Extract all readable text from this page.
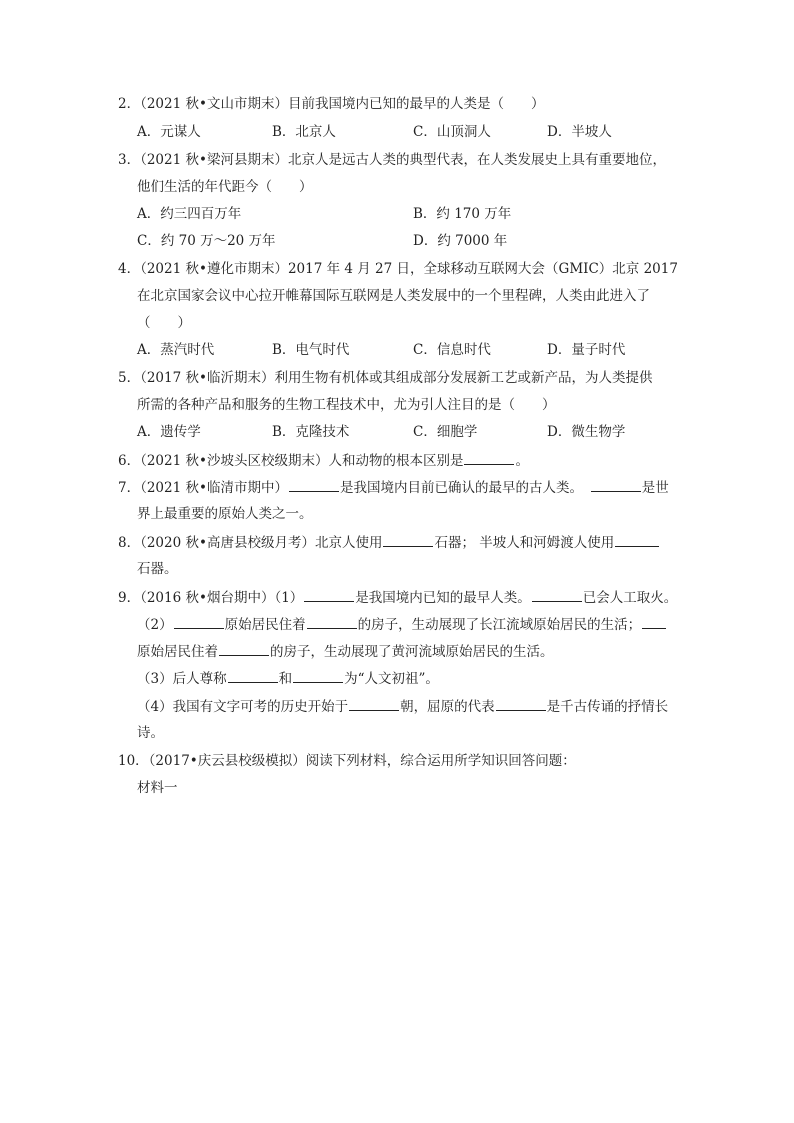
2．（2021 秋•文山市期末）目前我国境内已知的最早的人类是（　　）
A．元谋人	B．北京人	C．山顶洞人	D．半坡人
3．（2021 秋•梁河县期末）北京人是远古人类的典型代表，在人类发展史上具有重要地位，
他们生活的年代距今（　　）
A．约三四百万年	B．约 170 万年
C．约 70 万～20 万年	D．约 7000 年
4．（2021 秋•遵化市期末）2017 年 4 月 27 日，全球移动互联网大会（GMIC）北京 2017
在北京国家会议中心拉开帷幕国际互联网是人类发展中的一个里程碑，人类由此进入了
（　　）
A．蒸汽时代	B．电气时代	C．信息时代	D．量子时代
5．（2017 秋•临沂期末）利用生物有机体或其组成部分发展新工艺或新产品，为人类提供
所需的各种产品和服务的生物工程技术中，尤为引人注目的是（　　）
A．遗传学	B．克隆技术	C．细胞学	D．微生物学
6．（2021 秋•沙坡头区校级期末）人和动物的根本区别是	。
7．（2021 秋•临清市期中）	是我国境内目前已确认的最早的古人类。　	是世
界上最重要的原始人类之一。
8．（2020 秋•高唐县校级月考）北京人使用	石器； 半坡人和河姆渡人使用
石器。
9．（2016 秋•烟台期中）（1）	是我国境内已知的最早人类。	已会人工取火。
（2）	原始居民住着	的房子，生动展现了长江流域原始居民的生活；
原始居民住着	的房子，生动展现了黄河流域原始居民的生活。
（3）后人尊称	和	为“人文初祖”。
（4）我国有文字可考的历史开始于	朝，屈原的代表	是千古传诵的抒情长
诗。
10．（2017•庆云县校级模拟）阅读下列材料，综合运用所学知识回答问题：
材料一
